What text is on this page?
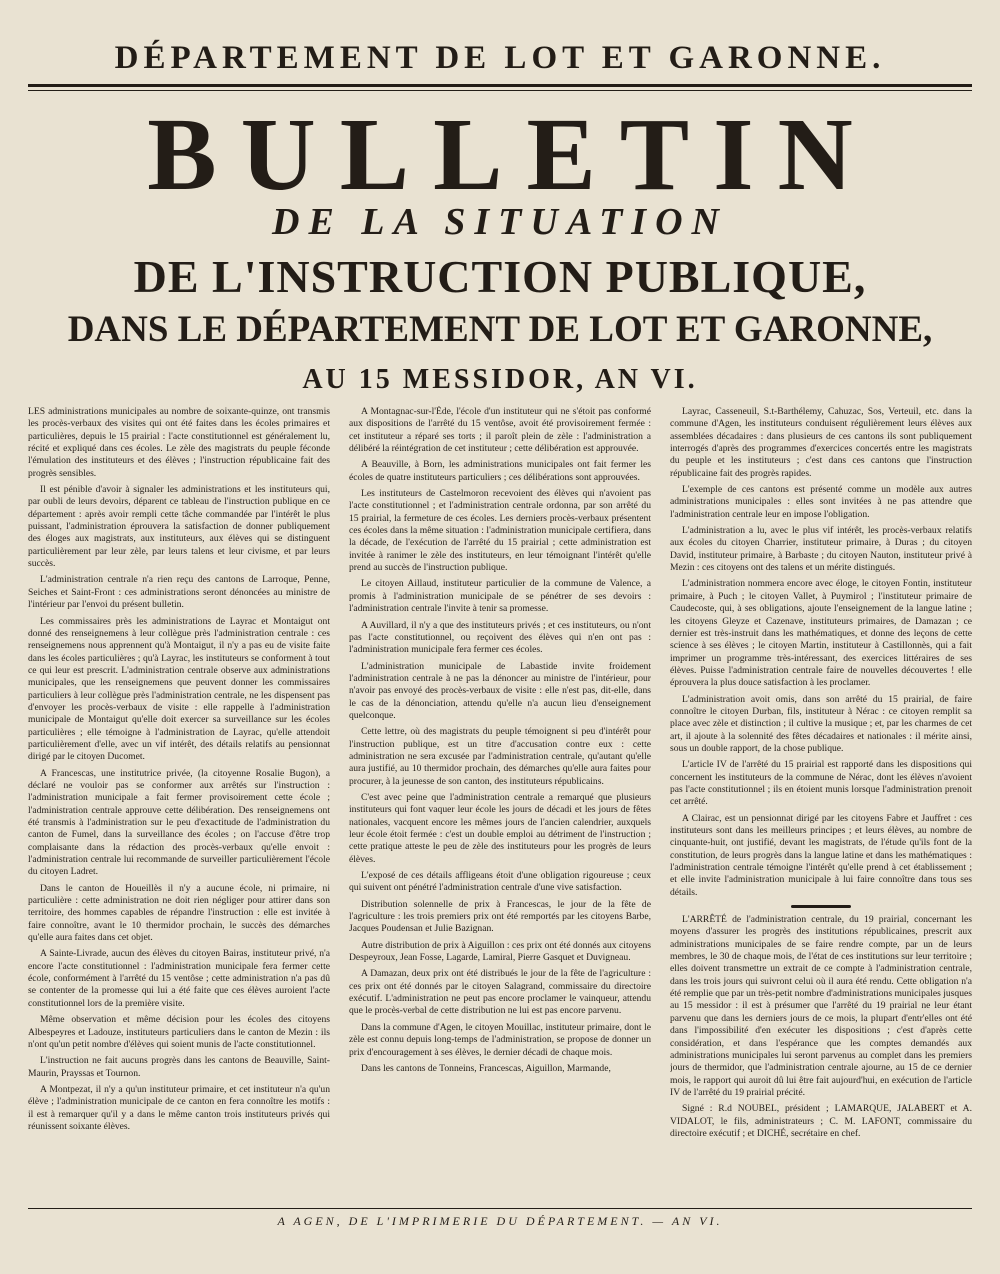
DÉPARTEMENT DE LOT ET GARONNE.
BULLETIN
DE LA SITUATION
DE L'INSTRUCTION PUBLIQUE,
DANS LE DÉPARTEMENT DE LOT ET GARONNE,
AU 15 MESSIDOR, AN VI.

LES administrations municipales au nombre de soixante-quinze, ont transmis les procès-verbaux des visites qui ont été faites dans les écoles primaires et particulières, depuis le 15 prairial : l'acte constitutionnel est généralement lu, récité et expliqué dans ces écoles. Le zèle des magistrats du peuple féconde l'émulation des instituteurs et des élèves ; l'instruction républicaine fait des progrès sensibles.

Il est pénible d'avoir à signaler les administrations et les instituteurs qui, par oubli de leurs devoirs, déparent ce tableau de l'instruction publique en ce département : après avoir rempli cette tâche commandée par l'intérêt le plus puissant, l'administration éprouvera la satisfaction de donner publiquement des éloges aux magistrats, aux instituteurs, aux élèves qui se distinguent particulièrement par leur zèle, par leurs talens et leur civisme, et par leurs succès.

L'administration centrale n'a rien reçu des cantons de Larroque, Penne, Seiches et Saint-Front : ces administrations seront dénoncées au ministre de l'intérieur par l'envoi du présent bulletin.

Les commissaires près les administrations de Layrac et Montaigut ont donné des renseignemens à leur collègue près l'administration centrale : ces renseignemens nous apprennent qu'à Montaigut, il n'y a pas eu de visite faite dans les écoles particulières ; qu'à Layrac, les instituteurs se conforment à tout ce qui leur est prescrit. L'administration centrale observe aux administrations municipales, que les renseignemens que peuvent donner les commissaires particuliers à leur collègue près l'administration centrale, ne les dispensent pas d'envoyer les procès-verbaux de visite : elle rappelle à l'administration municipale de Montaigut qu'elle doit exercer sa surveillance sur les écoles particulières ; elle témoigne à l'administration de Layrac, qu'elle attendoit particulièrement d'elle, avec un vif intérêt, des détails relatifs au pensionnat dirigé par le citoyen Ducomet.

A Francescas, une institutrice privée, (la citoyenne Rosalie Bugon), a déclaré ne vouloir pas se conformer aux arrêtés sur l'instruction : l'administration municipale a fait fermer provisoirement cette école ; l'administration centrale approuve cette délibération. Des renseignemens ont été transmis à l'administration sur le peu d'exactitude de l'administration du canton de Fumel, dans la surveillance des écoles ; on l'accuse d'être trop complaisante dans la rédaction des procès-verbaux qu'elle envoit : l'administration centrale lui recommande de surveiller particulièrement l'école du citoyen Ladret.

Dans le canton de Houeillès il n'y a aucune école, ni primaire, ni particulière : cette administration ne doit rien négliger pour attirer dans son territoire, des hommes capables de répandre l'instruction : elle est invitée à faire connoître, avant le 10 thermidor prochain, le succès des démarches qu'elle aura faites dans cet objet.

A Sainte-Livrade, aucun des élèves du citoyen Bairas, instituteur privé, n'a encore l'acte constitutionnel : l'administration municipale fera fermer cette école, conformément à l'arrêté du 15 ventôse ; cette administration n'a pas dû se contenter de la promesse qui lui a été faite que ces élèves auroient l'acte constitutionnel lors de la première visite.

Même observation et même décision pour les écoles des citoyens Albespeyres et Ladouze, instituteurs particuliers dans le canton de Mezin : ils n'ont qu'un petit nombre d'élèves qui soient munis de l'acte constitutionnel.

L'instruction ne fait aucuns progrès dans les cantons de Beauville, Saint-Maurin, Prayssas et Tournon.

A Montpezat, il n'y a qu'un instituteur primaire, et cet instituteur n'a qu'un élève ; l'administration municipale de ce canton en fera connoître les motifs : il est à remarquer qu'il y a dans le même canton trois instituteurs privés qui réunissent soixante élèves.

A Montagnac-sur-l'Ède, l'école d'un instituteur qui ne s'étoit pas conformé aux dispositions de l'arrêté du 15 ventôse, avoit été provisoirement fermée : cet instituteur a réparé ses torts ; il paroît plein de zèle : l'administration a délibéré la réintégration de cet instituteur ; cette délibération est approuvée.

A Beauville, à Born, les administrations municipales ont fait fermer les écoles de quatre instituteurs particuliers ; ces délibérations sont approuvées.

Les instituteurs de Castelmoron recevoient des élèves qui n'avoient pas l'acte constitutionnel ; et l'administration centrale ordonna, par son arrêté du 15 prairial, la fermeture de ces écoles. Les derniers procès-verbaux présentent ces écoles dans la même situation : l'administration municipale certifiera, dans la décade, de l'exécution de l'arrêté du 15 prairial ; cette administration est invitée à ranimer le zèle des instituteurs, en leur témoignant l'intérêt qu'elle prend au succès de l'instruction publique.

Le citoyen Aillaud, instituteur particulier de la commune de Valence, a promis à l'administration municipale de se pénétrer de ses devoirs : l'administration centrale l'invite à tenir sa promesse.

A Auvillard, il n'y a que des instituteurs privés ; et ces instituteurs, ou n'ont pas l'acte constitutionnel, ou reçoivent des élèves qui n'en ont pas : l'administration municipale fera fermer ces écoles.

L'administration municipale de Labastide invite froidement l'administration centrale à ne pas la dénoncer au ministre de l'intérieur, pour n'avoir pas envoyé des procès-verbaux de visite : elle n'est pas, dit-elle, dans le cas de la dénonciation, attendu qu'elle n'a aucun lieu d'enseignement quelconque.

Cette lettre, où des magistrats du peuple témoignent si peu d'intérêt pour l'instruction publique, est un titre d'accusation contre eux : cette administration ne sera excusée par l'administration centrale, qu'autant qu'elle aura justifié, au 10 thermidor prochain, des démarches qu'elle aura faites pour procurer, à la jeunesse de son canton, des instituteurs républicains.

C'est avec peine que l'administration centrale a remarqué que plusieurs instituteurs qui font vaquer leur école les jours de décadi et les jours de fêtes nationales, vacquent encore les mêmes jours de l'ancien calendrier, auxquels leur école étoit fermée : c'est un double emploi au détriment de l'instruction ; cette pratique atteste le peu de zèle des instituteurs pour les progrès de leurs élèves.

L'exposé de ces détails affligeans étoit d'une obligation rigoureuse ; ceux qui suivent ont pénétré l'administration centrale d'une vive satisfaction.

Distribution solennelle de prix à Francescas, le jour de la fête de l'agriculture : les trois premiers prix ont été remportés par les citoyens Barbe, Jacques Poudensan et Julie Bazignan.

Autre distribution de prix à Aiguillon : ces prix ont été donnés aux citoyens Despeyroux, Jean Fosse, Lagarde, Lamiral, Pierre Gasquet et Duvigneau.

A Damazan, deux prix ont été distribués le jour de la fête de l'agriculture : ces prix ont été donnés par le citoyen Salagrand, commissaire du directoire exécutif. L'administration ne peut pas encore proclamer le vainqueur, attendu que le procès-verbal de cette distribution ne lui est pas encore parvenu.

Dans la commune d'Agen, le citoyen Mouillac, instituteur primaire, dont le zèle est connu depuis long-temps de l'administration, se propose de donner un prix d'encouragement à ses élèves, le dernier décadi de chaque mois.

Dans les cantons de Tonneins, Francescas, Aiguillon, Marmande,

Layrac, Casseneuil, S.t-Barthélemy, Cahuzac, Sos, Verteuil, etc. dans la commune d'Agen, les instituteurs conduisent régulièrement leurs élèves aux assemblées décadaires : dans plusieurs de ces cantons ils sont publiquement interrogés d'après des programmes d'exercices concertés entre les magistrats du peuple et les instituteurs ; c'est dans ces cantons que l'instruction républicaine fait des progrès rapides.

L'exemple de ces cantons est présenté comme un modèle aux autres administrations municipales : elles sont invitées à ne pas attendre que l'administration centrale leur en impose l'obligation.

L'administration a lu, avec le plus vif intérêt, les procès-verbaux relatifs aux écoles du citoyen Charrier, instituteur primaire, à Duras ; du citoyen David, instituteur primaire, à Barbaste ; du citoyen Nauton, instituteur privé à Mezin : ces citoyens ont des talens et un mérite distingués.

L'administration nommera encore avec éloge, le citoyen Fontin, instituteur primaire, à Puch ; le citoyen Vallet, à Puymirol ; l'instituteur primaire de Caudecoste, qui, à ses obligations, ajoute l'enseignement de la langue latine ; les citoyens Gleyze et Cazenave, instituteurs primaires, de Damazan ; ce dernier est très-instruit dans les mathématiques, et donne des leçons de cette science à ses élèves ; le citoyen Martin, instituteur à Castillonnès, qui a fait imprimer un programme très-intéressant, des exercices littéraires de ses élèves. Puisse l'administration centrale faire de nouvelles découvertes ! elle éprouvera la plus douce satisfaction à les proclamer.

L'administration avoit omis, dans son arrêté du 15 prairial, de faire connoître le citoyen Durban, fils, instituteur à Nérac : ce citoyen remplit sa place avec zèle et distinction ; il cultive la musique ; et, par les charmes de cet art, il ajoute à la solennité des fêtes décadaires et nationales : il mérite ainsi, sous un double rapport, de la chose publique.

L'article IV de l'arrêté du 15 prairial est rapporté dans les dispositions qui concernent les instituteurs de la commune de Nérac, dont les élèves n'avoient pas l'acte constitutionnel ; ils en étoient munis lorsque l'administration prenoit cet arrêté.

A Clairac, est un pensionnat dirigé par les citoyens Fabre et Jauffret : ces instituteurs sont dans les meilleurs principes ; et leurs élèves, au nombre de cinquante-huit, ont justifié, devant les magistrats, de l'étude qu'ils font de la constitution, de leurs progrès dans la langue latine et dans les mathématiques : l'administration centrale témoigne l'intérêt qu'elle prend à cet établissement ; et elle invite l'administration municipale à lui faire connoître dans tous ses détails.

L'ARRÊTÉ de l'administration centrale, du 19 prairial, concernant les moyens d'assurer les progrès des institutions républicaines, prescrit aux administrations municipales de se faire rendre compte, par un de leurs membres, le 30 de chaque mois, de l'état de ces institutions sur leur territoire ; elles doivent transmettre un extrait de ce compte à l'administration centrale, dans les trois jours qui suivront celui où il aura été rendu. Cette obligation n'a été remplie que par un très-petit nombre d'administrations municipales jusques au 15 messidor : il est à présumer que l'arrêté du 19 prairial ne leur étant parvenu que dans les derniers jours de ce mois, la plupart d'entr'elles ont été dans l'impossibilité d'en exécuter les dispositions ; c'est d'après cette considération, et dans l'espérance que les comptes demandés aux administrations municipales lui seront parvenus au complet dans les premiers jours de thermidor, que l'administration centrale ajourne, au 15 de ce dernier mois, le rapport qui auroit dû lui être fait aujourd'hui, en exécution de l'article IV de l'arrêté du 19 prairial précité.

Signé : R.d NOUBEL, président ; LAMARQUE, JALABERT et A. VIDALOT, le fils, administrateurs ; C. M. LAFONT, commissaire du directoire exécutif ; et DICHÉ, secrétaire en chef.

A AGEN, DE L'IMPRIMERIE DU DÉPARTEMENT. — AN VI.
